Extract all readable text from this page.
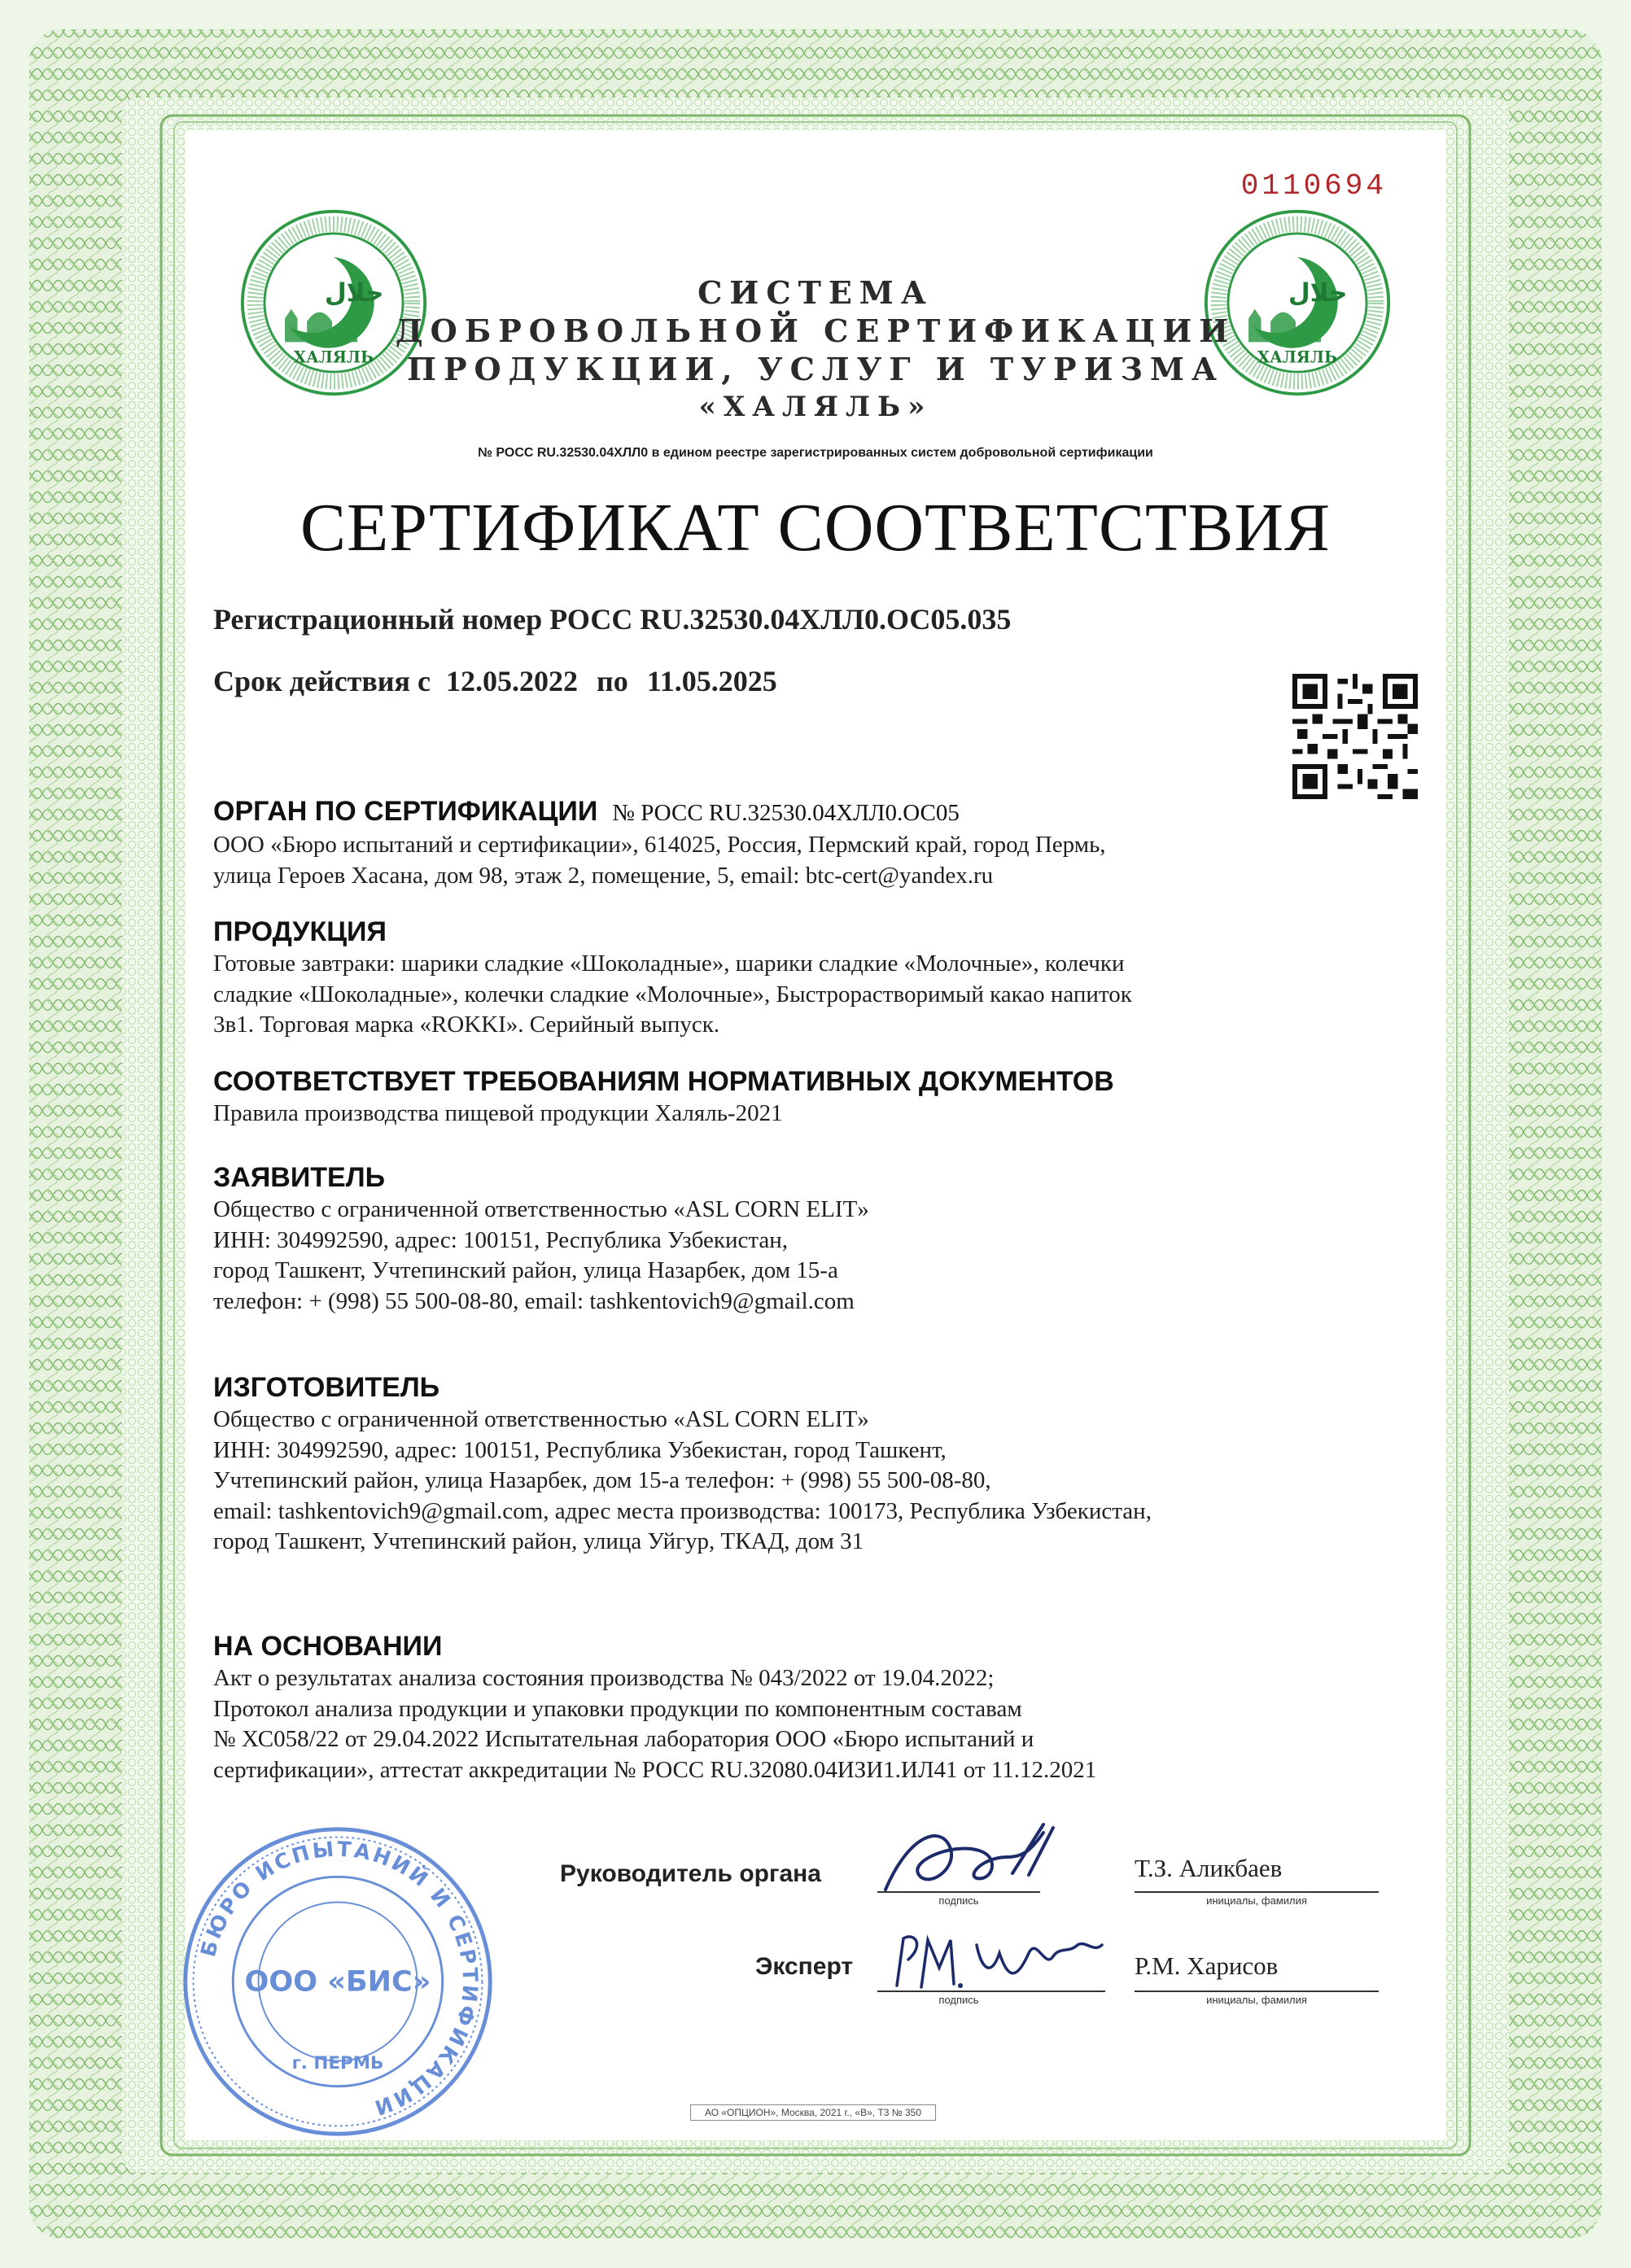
0110694
حلال
ХАЛЯЛЬ
حلال
ХАЛЯЛЬ
СИСТЕМА
ДОБРОВОЛЬНОЙ СЕРТИФИКАЦИИ
ПРОДУКЦИИ, УСЛУГ И ТУРИЗМА
«ХАЛЯЛЬ»
№ РОСС RU.32530.04ХЛЛ0 в едином реестре зарегистрированных систем добровольной сертификации
СЕРТИФИКАТ СООТВЕТСТВИЯ
Регистрационный номер РОСС RU.32530.04ХЛЛ0.ОС05.035
Срок действия с 12.05.2022 по 11.05.2025
ОРГАН ПО СЕРТИФИКАЦИИ № РОСС RU.32530.04ХЛЛ0.ОС05

ООО «Бюро испытаний и сертификации», 614025, Россия, Пермский край, город Пермь,

улица Героев Хасана, дом 98, этаж 2, помещение, 5, email: btc-cert@yandex.ru

ПРОДУКЦИЯ

Готовые завтраки: шарики сладкие «Шоколадные», шарики сладкие «Молочные», колечки

сладкие «Шоколадные», колечки сладкие «Молочные», Быстрорастворимый какао напиток

3в1. Торговая марка «ROKKI». Серийный выпуск.

СООТВЕТСТВУЕТ ТРЕБОВАНИЯМ НОРМАТИВНЫХ ДОКУМЕНТОВ

Правила производства пищевой продукции Халяль-2021

ЗАЯВИТЕЛЬ

Общество с ограниченной ответственностью «ASL CORN ELIT»

ИНН: 304992590, адрес: 100151, Республика Узбекистан,

город Ташкент, Учтепинский район, улица Назарбек, дом 15-а

телефон: + (998) 55 500-08-80, email: tashkentovich9@gmail.com

ИЗГОТОВИТЕЛЬ

Общество с ограниченной ответственностью «ASL CORN ELIT»

ИНН: 304992590, адрес: 100151, Республика Узбекистан, город Ташкент,

Учтепинский район, улица Назарбек, дом 15-а телефон: + (998) 55 500-08-80,

email: tashkentovich9@gmail.com, адрес места производства: 100173, Республика Узбекистан,

город Ташкент, Учтепинский район, улица Уйгур, ТКАД, дом 31

НА ОСНОВАНИИ

Акт о результатах анализа состояния производства № 043/2022 от 19.04.2022;

Протокол анализа продукции и упаковки продукции по компонентным составам

№ ХС058/22 от 29.04.2022 Испытательная лаборатория ООО «Бюро испытаний и

сертификации», аттестат аккредитации № РОСС RU.32080.04ИЗИ1.ИЛ41 от 11.12.2021

БЮРО ИСПЫТАНИЙ И СЕРТИФИКАЦИИ
ООО «БИС»
г. ПЕРМЬ
Руководитель органа
подпись
Т.З. Аликбаев
инициалы, фамилия
Эксперт
подпись
Р.М. Харисов
инициалы, фамилия
АО «ОПЦИОН», Москва, 2021 г., «В», Т3 № 350
